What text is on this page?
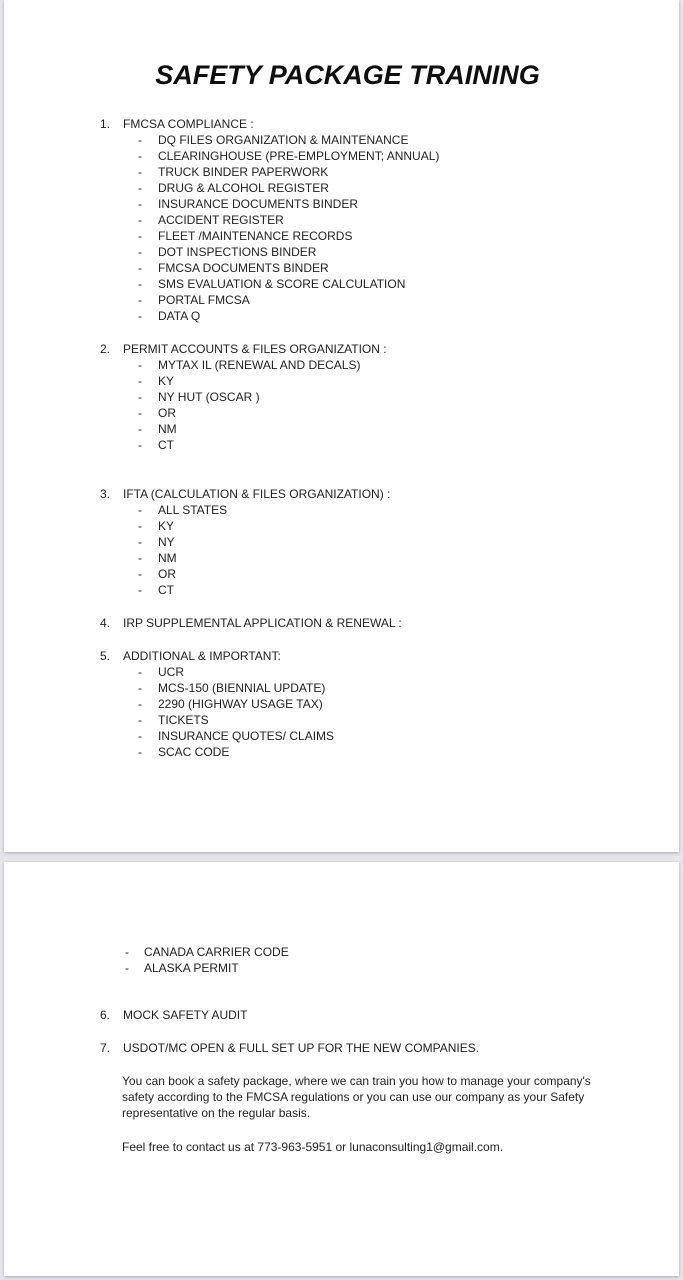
SAFETY PACKAGE TRAINING
1.	FMCSA COMPLIANCE :
-	DQ FILES ORGANIZATION & MAINTENANCE
-	CLEARINGHOUSE (PRE-EMPLOYMENT; ANNUAL)
-	TRUCK BINDER PAPERWORK
-	DRUG & ALCOHOL REGISTER
-	INSURANCE DOCUMENTS BINDER
-	ACCIDENT REGISTER
-	FLEET /MAINTENANCE RECORDS
-	DOT INSPECTIONS BINDER
-	FMCSA DOCUMENTS BINDER
-	SMS EVALUATION & SCORE CALCULATION
-	PORTAL FMCSA
-	DATA Q
2.	PERMIT ACCOUNTS & FILES ORGANIZATION :
-	MYTAX IL (RENEWAL AND DECALS)
-	KY
-	NY HUT (OSCAR )
-	OR
-	NM
-	CT
3.	IFTA (CALCULATION & FILES ORGANIZATION) :
-	ALL STATES
-	KY
-	NY
-	NM
-	OR
-	CT
4.	IRP SUPPLEMENTAL APPLICATION & RENEWAL :
5.	ADDITIONAL & IMPORTANT:
-	UCR
-	MCS-150 (BIENNIAL UPDATE)
-	2290 (HIGHWAY USAGE TAX)
-	TICKETS
-	INSURANCE QUOTES/ CLAIMS
-	SCAC CODE
-	CANADA CARRIER CODE
-	ALASKA PERMIT
6.	MOCK SAFETY AUDIT
7.	USDOT/MC OPEN & FULL SET UP FOR THE NEW COMPANIES.
You can book a safety package, where we can train you how to manage your company's
safety according to the FMCSA regulations or you can use our company as your Safety
representative on the regular basis.
Feel free to contact us at 773-963-5951 or lunaconsulting1@gmail.com.
